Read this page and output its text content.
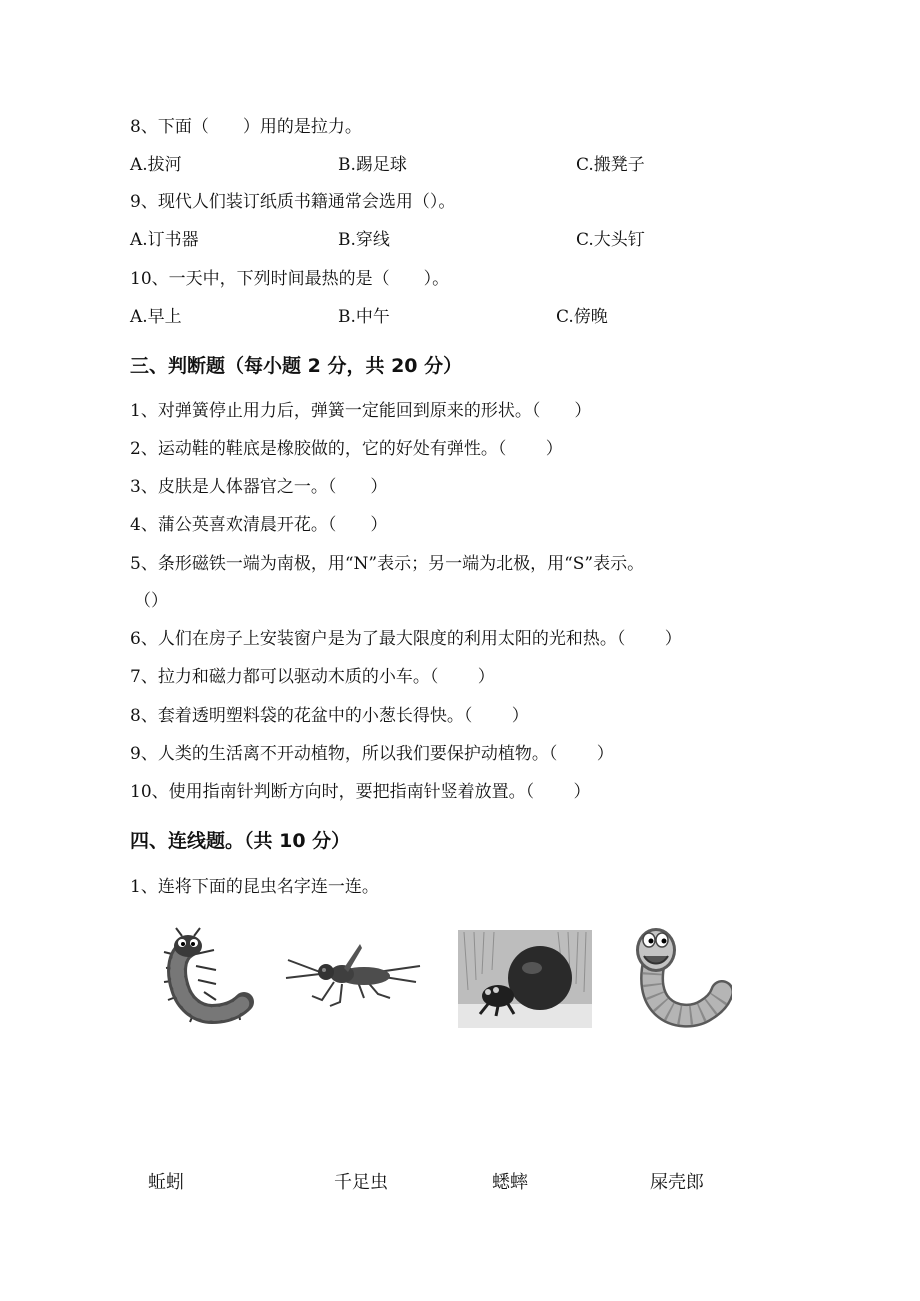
8、下面（　　）用的是拉力。
A.拔河	B.踢足球	C.搬凳子
9、现代人们装订纸质书籍通常会选用（）。
A.订书器	B.穿线	C.大头钉
10、一天中，下列时间最热的是（　　）。
A.早上	B.中午	C.傍晚
三、判断题（每小题 2 分，共 20 分）
1、对弹簧停止用力后，弹簧一定能回到原来的形状。（　　）
2、运动鞋的鞋底是橡胶做的，它的好处有弹性。（　　 ）
3、皮肤是人体器官之一。（　　）
4、蒲公英喜欢清晨开花。（　　）
5、条形磁铁一端为南极，用“N”表示；另一端为北极，用“S”表示。
（）
6、人们在房子上安装窗户是为了最大限度的利用太阳的光和热。（　　 ）
7、拉力和磁力都可以驱动木质的小车。（　　 ）
8、套着透明塑料袋的花盆中的小葱长得快。（　　 ）
9、人类的生活离不开动植物，所以我们要保护动植物。（　　 ）
10、使用指南针判断方向时，要把指南针竖着放置。（　　 ）
四、连线题。（共 10 分）
1、连将下面的昆虫名字连一连。
蚯蚓	千足虫	蟋蟀	屎壳郎
